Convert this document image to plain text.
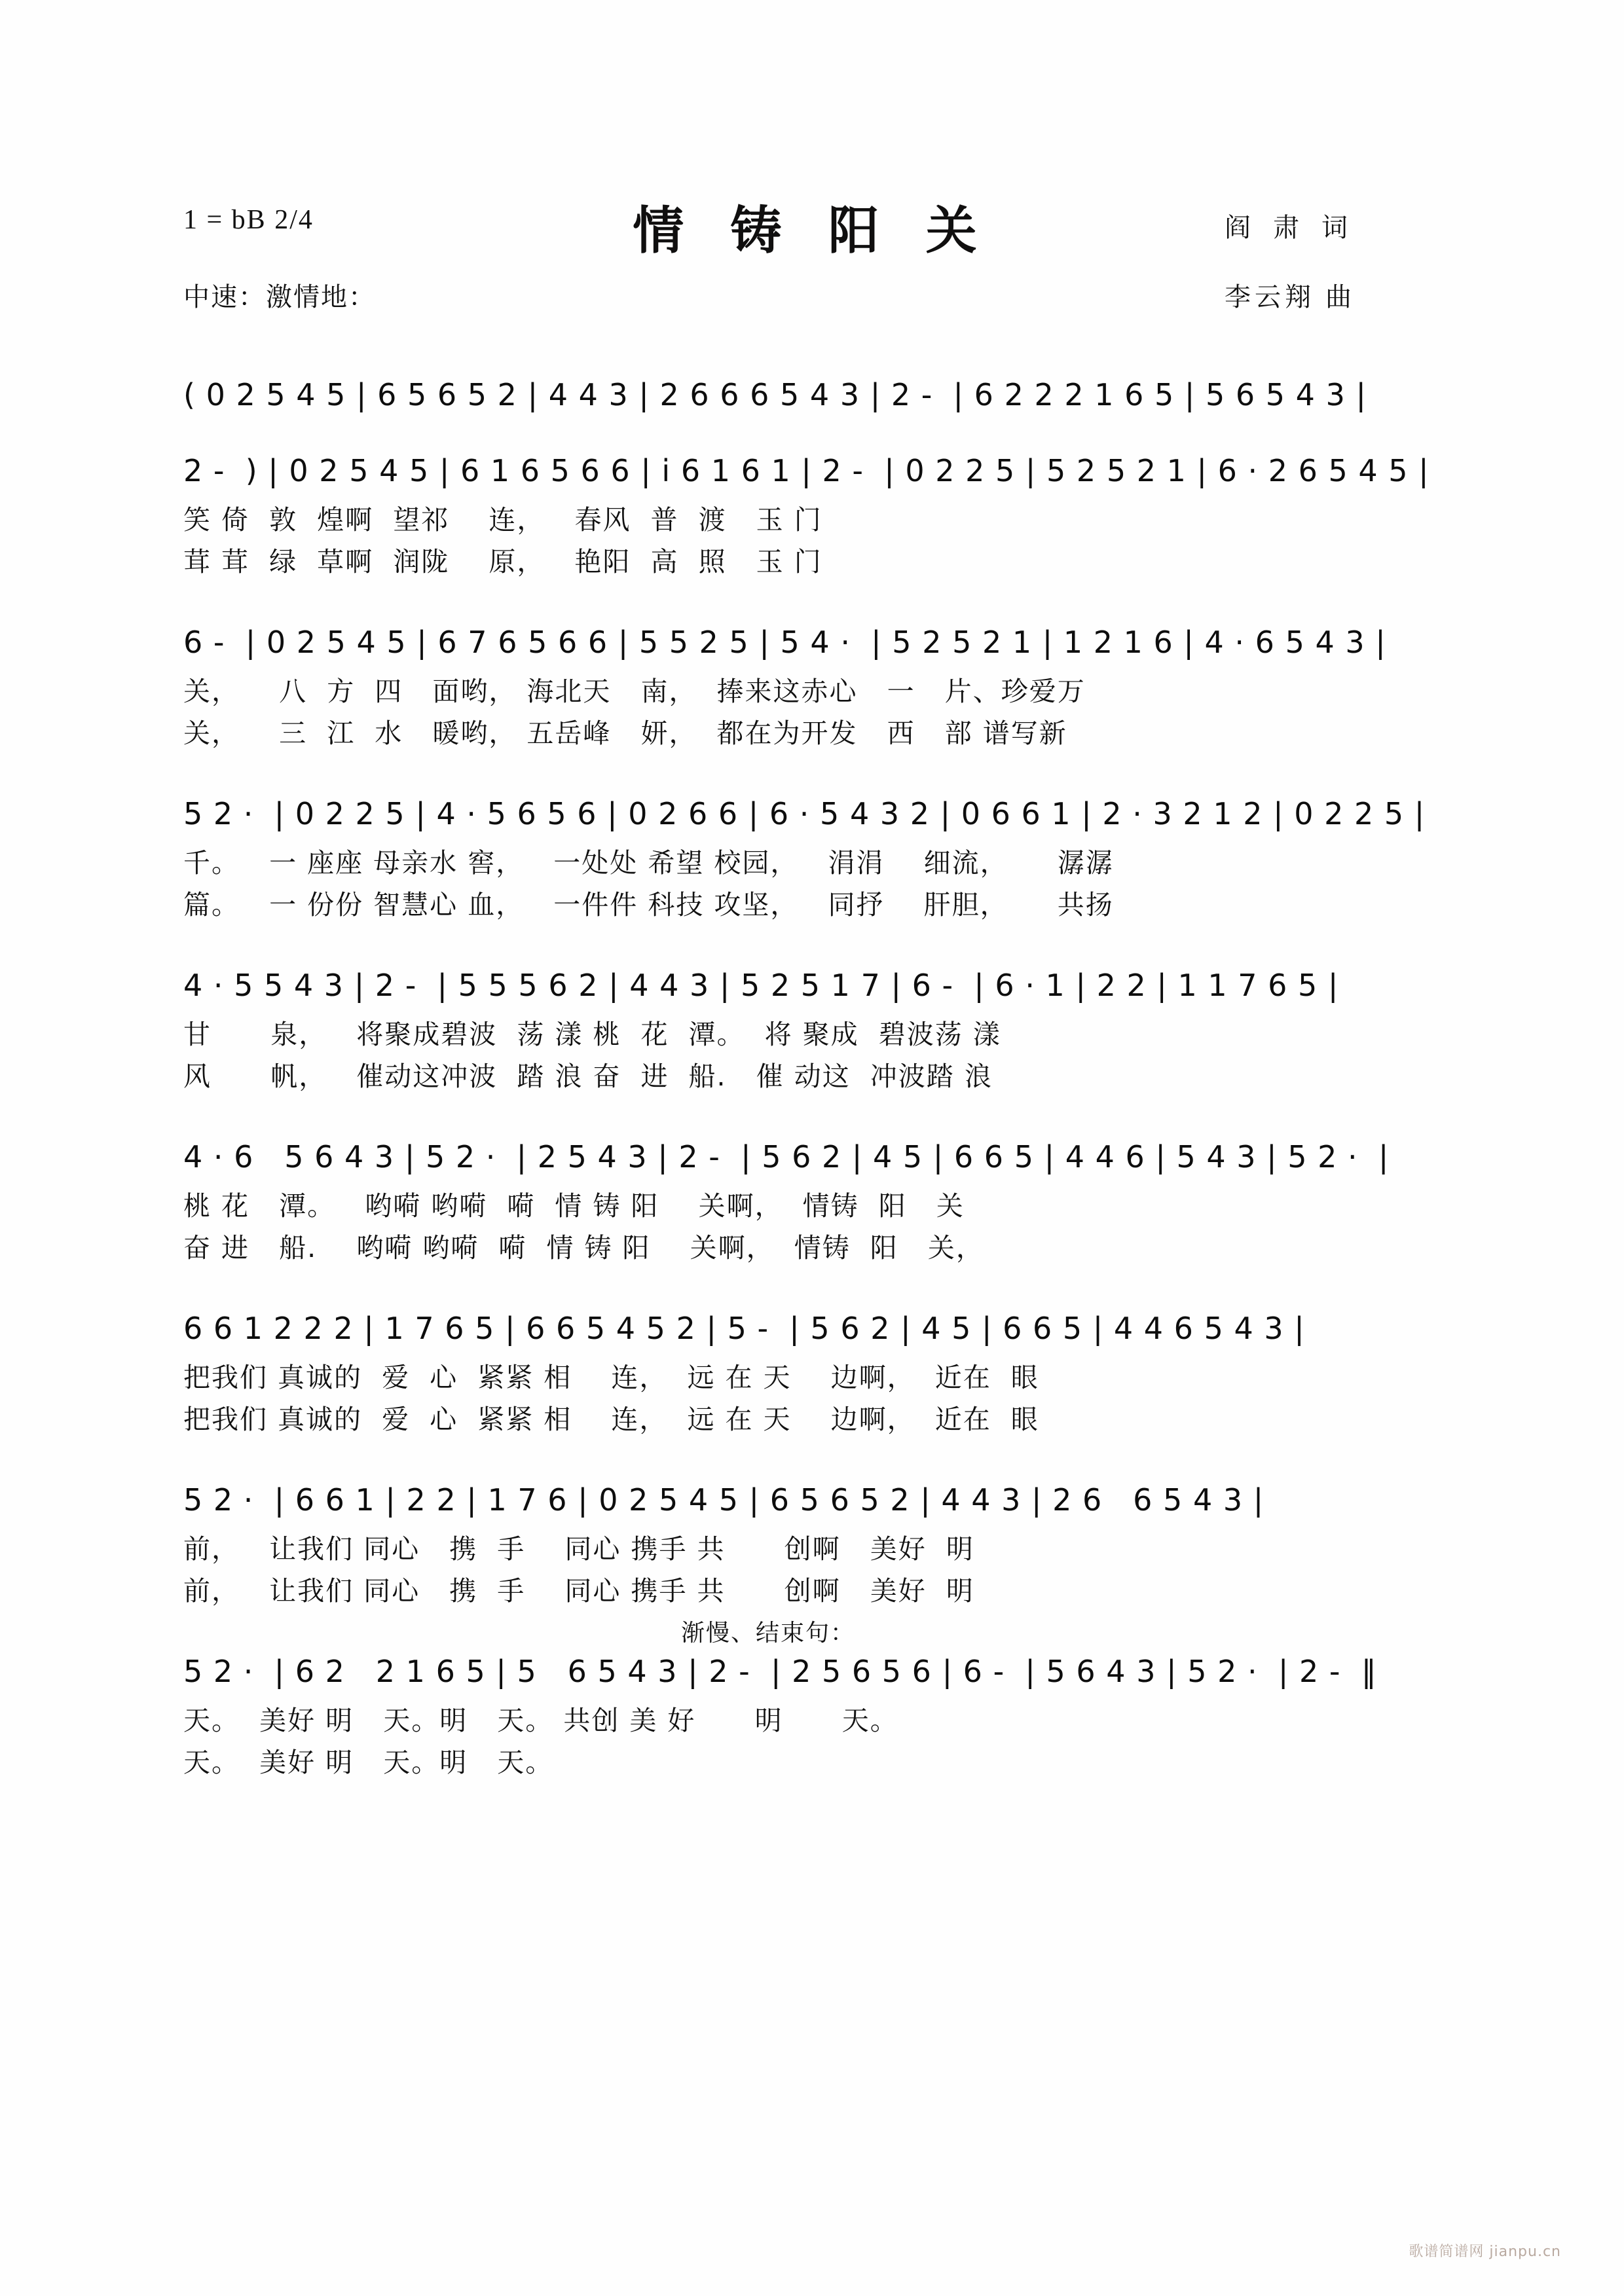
1 = bB 2/4
中速：激情地：
情 铸 阳 关	阎 肃 词
李云翔 曲
( 0 2 5 4 5 | 6 5 6 5 2 | 4 4 3 | 2 6 6 6 5 4 3 | 2 -  | 6 2 2 2 1 6 5 | 5 6 5 4 3 |
2 -  ) | 0 2 5 4 5 | 6 1 6 5 6 6 | i 6 1 6 1 | 2 -  | 0 2 2 5 | 5 2 5 2 1 | 6 · 2 6 5 4 5 |
笑 倚  敦  煌啊  望祁    连，   春风  普  渡   玉 门
茸 茸  绿  草啊  润陇    原，   艳阳  高  照   玉 门
6 -  | 0 2 5 4 5 | 6 7 6 5 6 6 | 5 5 2 5 | 5 4 ·  | 5 2 5 2 1 | 1 2 1 6 | 4 · 6 5 4 3 |
关，    八  方  四   面哟， 海北天   南，  捧来这赤心   一   片、珍爱万
关，    三  江  水   暖哟， 五岳峰   妍，  都在为开发   西   部 谱写新
5 2 ·  | 0 2 2 5 | 4 · 5 6 5 6 | 0 2 6 6 | 6 · 5 4 3 2 | 0 6 6 1 | 2 · 3 2 1 2 | 0 2 2 5 |
千。   一 座座 母亲水 窖，   一处处 希望 校园，   涓涓    细流，     潺潺
篇。   一 份份 智慧心 血，   一件件 科技 攻坚，   同抒    肝胆，     共扬
4 · 5 5 4 3 | 2 -  | 5 5 5 6 2 | 4 4 3 | 5 2 5 1 7 | 6 -  | 6 · 1 | 2 2 | 1 1 7 6 5 |
甘      泉，   将聚成碧波  荡 漾 桃  花  潭。  将 聚成  碧波荡 漾
风      帆，   催动这冲波  踏 浪 奋  进  船.   催 动这  冲波踏 浪
4 · 6   5 6 4 3 | 5 2 ·  | 2 5 4 3 | 2 -  | 5 6 2 | 4 5 | 6 6 5 | 4 4 6 | 5 4 3 | 5 2 ·  |
桃 花   潭。   哟嗬 哟嗬  嗬  情 铸 阳    关啊，  情铸  阳   关
奋 进   船.    哟嗬 哟嗬  嗬  情 铸 阳    关啊，  情铸  阳   关，
6 6 1 2 2 2 | 1 7 6 5 | 6 6 5 4 5 2 | 5 -  | 5 6 2 | 4 5 | 6 6 5 | 4 4 6 5 4 3 |
把我们 真诚的  爱  心  紧紧 相    连，  远 在 天    边啊，  近在  眼
把我们 真诚的  爱  心  紧紧 相    连，  远 在 天    边啊，  近在  眼
5 2 ·  | 6 6 1 | 2 2 | 1 7 6 | 0 2 5 4 5 | 6 5 6 5 2 | 4 4 3 | 2 6   6 5 4 3 |
前，   让我们 同心   携  手    同心 携手 共      创啊   美好  明
前，   让我们 同心   携  手    同心 携手 共      创啊   美好  明
渐慢、结束句：
5 2 ·  | 6 2   2 1 6 5 | 5   6 5 4 3 | 2 -  | 2 5 6 5 6 | 6 -  | 5 6 4 3 | 5 2 ·  | 2 -  ‖
天。  美好 明   天。明   天。 共创 美 好      明      天。
天。  美好 明   天。明   天。
歌谱简谱网 jianpu.cn
